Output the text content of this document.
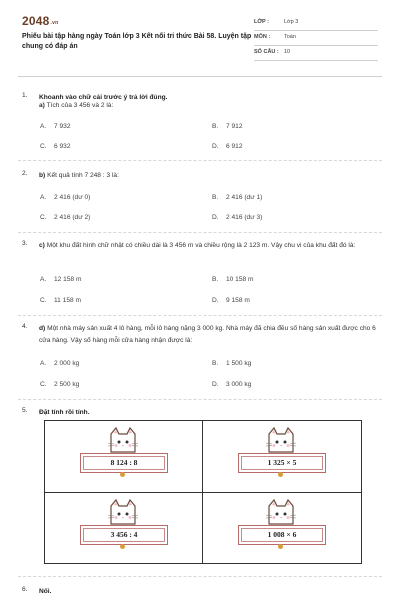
2048.vn
Phiếu bài tập hàng ngày Toán lớp 3 Kết nối tri thức Bài 58. Luyện tập chung có đáp án
LỚP :	Lớp 3
MÔN :	Toán
SỐ CÂU : 10
1. Khoanh vào chữ cái trước ý trả lời đúng.
a) Tích của 3 456 và 2 là:
A. 7 932	B. 7 912
C. 6 932	D. 6 912
2. b) Kết quả tính 7 248 : 3 là:
A. 2 416 (dư 0)	B. 2 416 (dư 1)
C. 2 416 (dư 2)	D. 2 416 (dư 3)
3. c) Một khu đất hình chữ nhật có chiều dài là 3 456 m và chiều rộng là 2 123 m. Vậy chu vi của khu đất đó là:
A. 12 158 m	B. 10 158 m
C. 11 158 m	D. 9 158 m
4. d) Một nhà máy sản xuất 4 lô hàng, mỗi lô hàng nặng 3 000 kg. Nhà máy đã chia đều số hàng sản xuất được cho 6 cửa hàng. Vậy số hàng mỗi cửa hàng nhận được là:
A. 2 000 kg	B. 1 500 kg
C. 2 500 kg	D. 3 000 kg
5. Đặt tính rồi tính.
8 124 : 8	1 325 × 5
3 456 : 4	1 008 × 6
6. Nối.
